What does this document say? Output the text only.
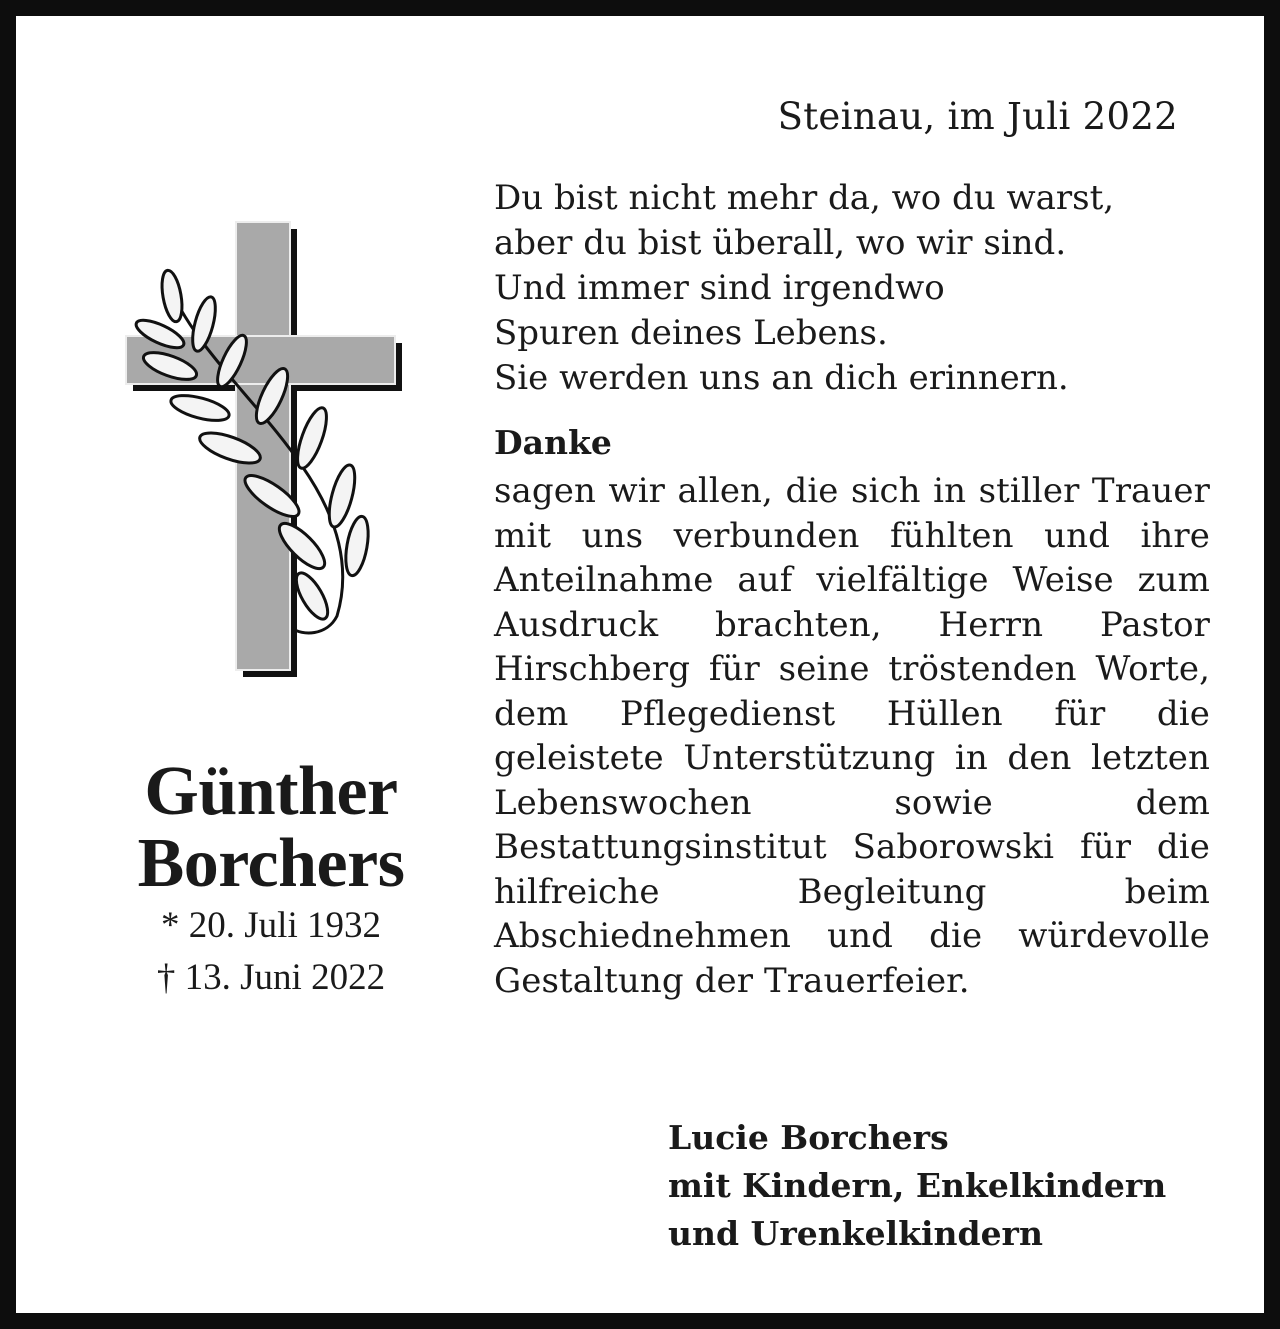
Steinau, im Juli 2022
Günther
Borchers
* 20. Juli 1932
† 13. Juni 2022
Du bist nicht mehr da, wo du warst,
aber du bist überall, wo wir sind.
Und immer sind irgendwo
Spuren deines Lebens.
Sie werden uns an dich erinnern.
Danke
sagen wir allen, die sich in stiller Trauer mit uns verbunden fühlten und ihre Anteilnahme auf vielfältige Weise zum Ausdruck brachten, Herrn Pastor Hirschberg für seine tröstenden Worte, dem Pflegedienst Hüllen für die geleistete Unterstützung in den letzten Lebenswochen sowie dem Bestattungsinstitut Saborowski für die hilfreiche Begleitung beim Abschiednehmen und die würdevolle Gestaltung der Trauerfeier.
Lucie Borchers
mit Kindern, Enkelkindern
und Urenkelkindern
